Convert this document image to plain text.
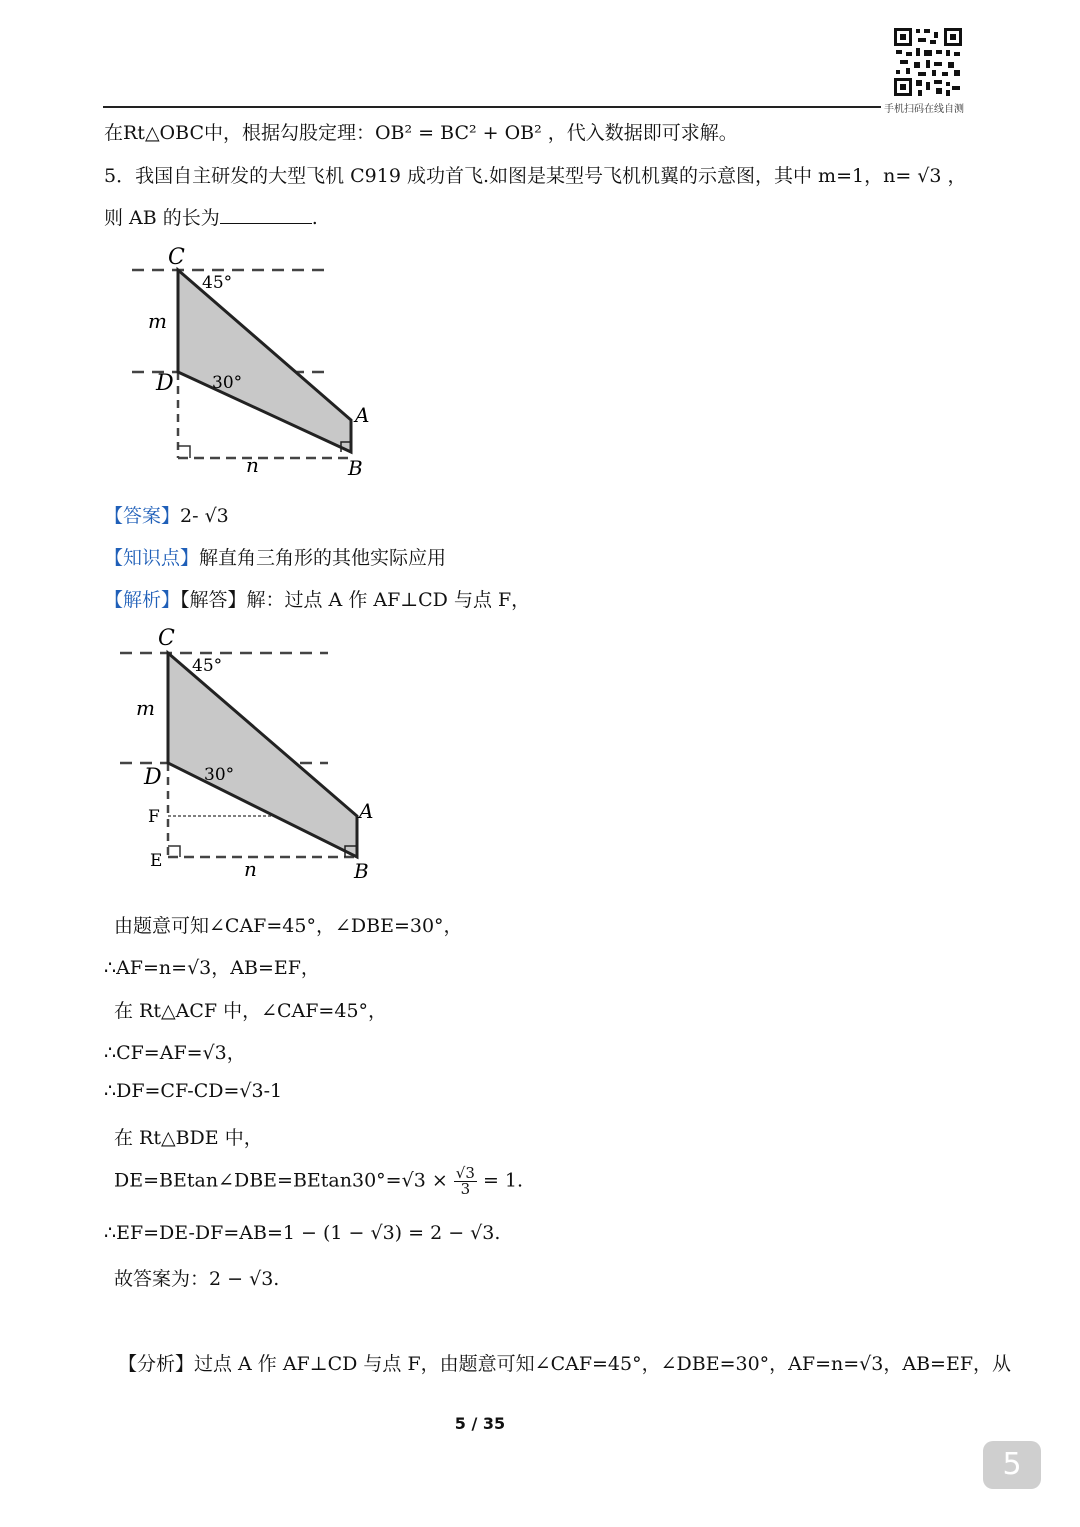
手机扫码在线自测
在Rt△OBC中，根据勾股定理：OB² = BC² + OB² ，代入数据即可求解。
5．我国自主研发的大型飞机 C919 成功首飞.如图是某型号飞机机翼的示意图，其中 m=1，n= √3 ，
则 AB 的长为	.
C
D
A
B
m
n
45°
30°
【答案】2- √3
【知识点】解直角三角形的其他实际应用
【解析】【解答】解：过点 A 作 AF⊥CD 与点 F，
C
D
F
E
A
B
m
n
45°
30°
由题意可知∠CAF=45°，∠DBE=30°，
∴AF=n=√3，AB=EF，
在 Rt△ACF 中，∠CAF=45°，
∴CF=AF=√3，
∴DF=CF-CD=√3-1
在 Rt△BDE 中，
DE=BEtan∠DBE=BEtan30°=√3 × $\frac{√3}{3} = 1$.
∴EF=DE-DF=AB=1 − (1 − √3) = 2 − √3.
故答案为：2 − √3.
【分析】过点 A 作 AF⊥CD 与点 F，由题意可知∠CAF=45°，∠DBE=30°，AF=n=√3，AB=EF，从
5 / 35
5
